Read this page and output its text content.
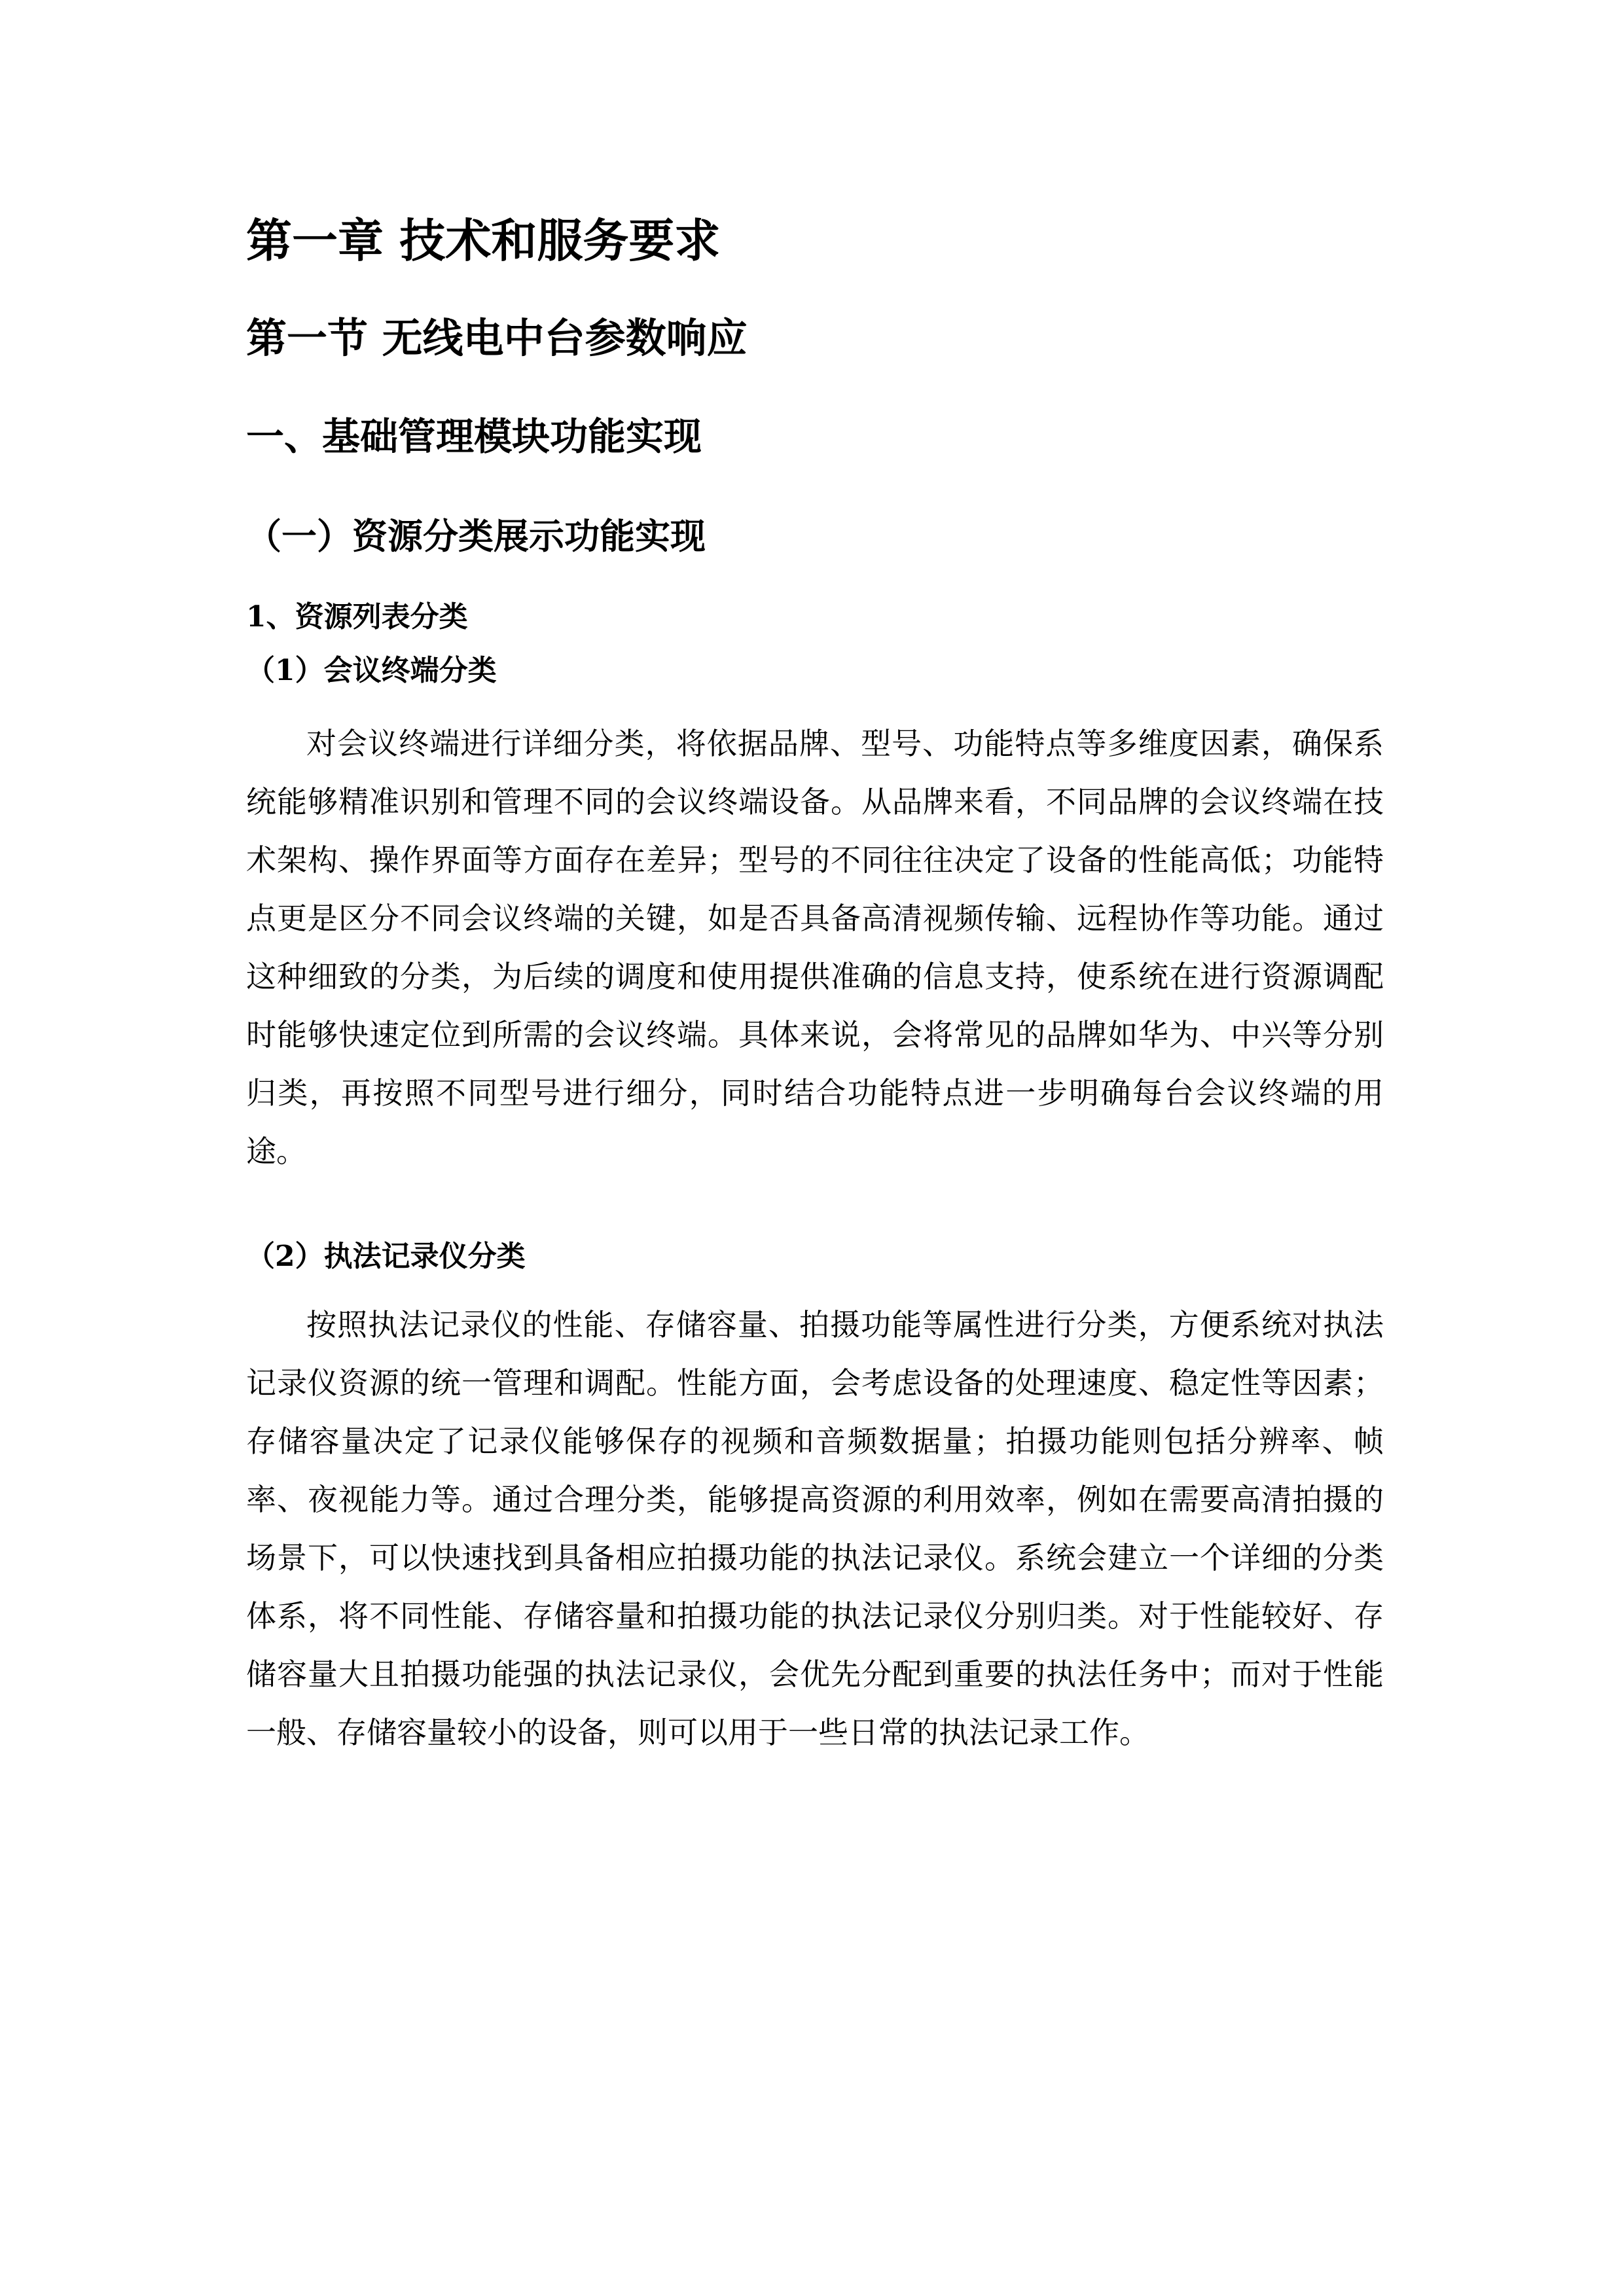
第一章 技术和服务要求
第一节 无线电中台参数响应
一、基础管理模块功能实现
（一）资源分类展示功能实现
1、资源列表分类
（1）会议终端分类

对会议终端进行详细分类，将依据品牌、型号、功能特点等多维度因素，确保系统能够精准识别和管理不同的会议终端设备。从品牌来看，不同品牌的会议终端在技术架构、操作界面等方面存在差异；型号的不同往往决定了设备的性能高低；功能特点更是区分不同会议终端的关键，如是否具备高清视频传输、远程协作等功能。通过这种细致的分类，为后续的调度和使用提供准确的信息支持，使系统在进行资源调配时能够快速定位到所需的会议终端。具体来说，会将常见的品牌如华为、中兴等分别归类，再按照不同型号进行细分，同时结合功能特点进一步明确每台会议终端的用途。

（2）执法记录仪分类

按照执法记录仪的性能、存储容量、拍摄功能等属性进行分类，方便系统对执法记录仪资源的统一管理和调配。性能方面，会考虑设备的处理速度、稳定性等因素；存储容量决定了记录仪能够保存的视频和音频数据量；拍摄功能则包括分辨率、帧率、夜视能力等。通过合理分类，能够提高资源的利用效率，例如在需要高清拍摄的场景下，可以快速找到具备相应拍摄功能的执法记录仪。系统会建立一个详细的分类体系，将不同性能、存储容量和拍摄功能的执法记录仪分别归类。对于性能较好、存储容量大且拍摄功能强的执法记录仪，会优先分配到重要的执法任务中；而对于性能一般、存储容量较小的设备，则可以用于一些日常的执法记录工作。
